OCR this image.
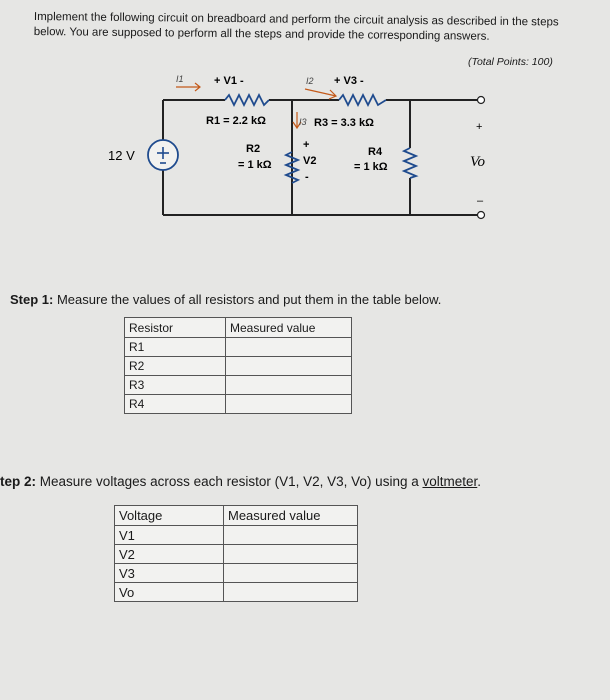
Implement the following circuit on breadboard and perform the circuit analysis as described in the steps
below. You are supposed to perform all the steps and provide the corresponding answers.
(Total Points: 100)
I1	I2
I3
+ V1 -	+ V3 -
R1 = 2.2 kΩ	R3 = 3.3 kΩ
12 V	R2
= 1 kΩ
+
V2
-
R4
= 1 kΩ
+
Vo
–
Step 1: Measure the values of all resistors and put them in the table below.
Resistor	Measured value
R1	
R2	
R3	
R4	
tep 2: Measure voltages across each resistor (V1, V2, V3, Vo) using a voltmeter.
Voltage	Measured value
V1	
V2	
V3	
Vo	
